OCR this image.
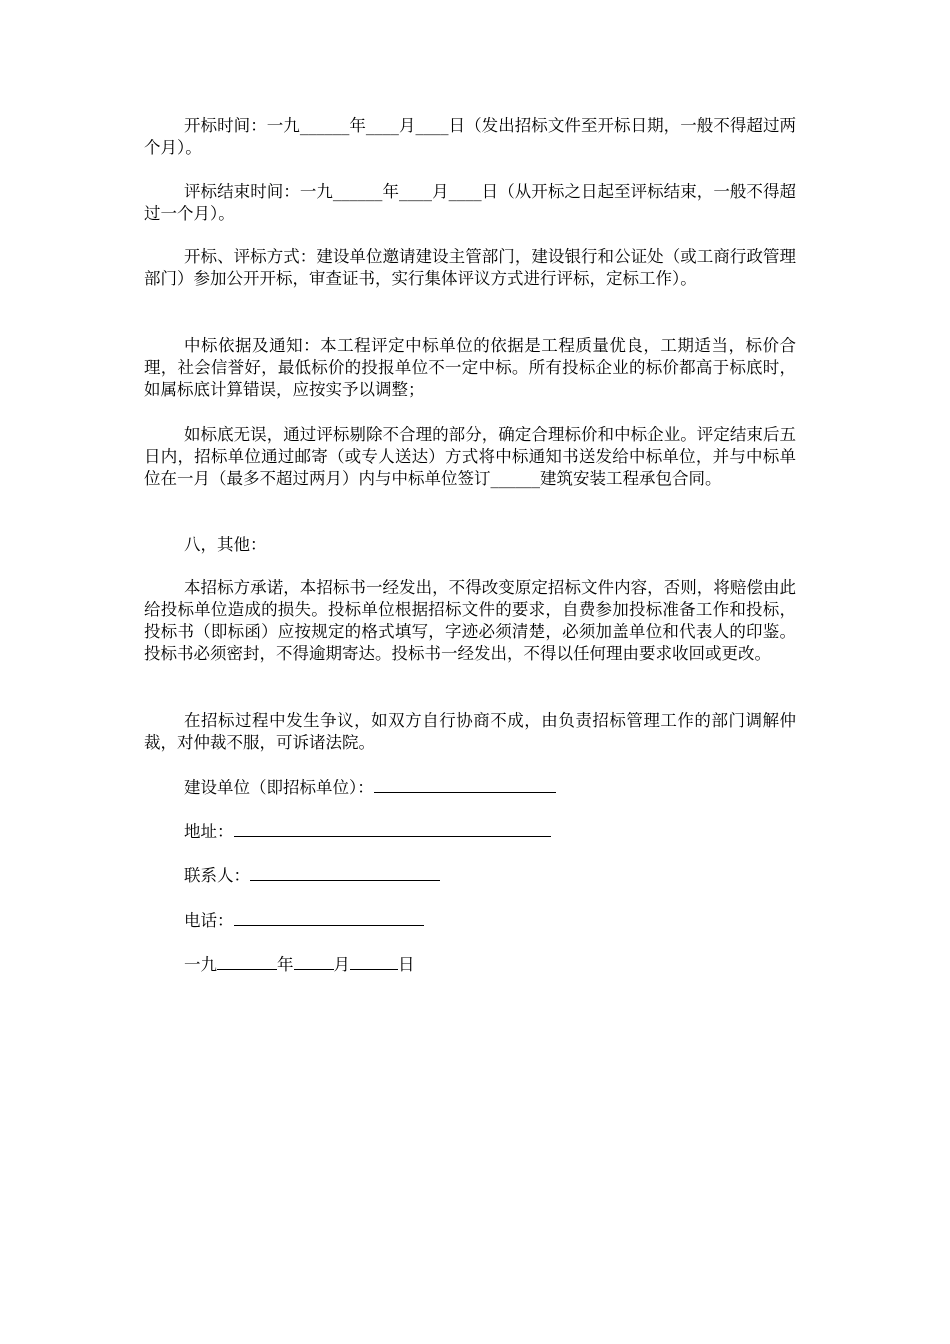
开标时间：一九______年____月____日（发出招标文件至开标日期，一般不得超过两个月）。

评标结束时间：一九______年____月____日（从开标之日起至评标结束，一般不得超过一个月）。

开标、评标方式：建设单位邀请建设主管部门，建设银行和公证处（或工商行政管理部门）参加公开开标，审查证书，实行集体评议方式进行评标，定标工作）。

中标依据及通知：本工程评定中标单位的依据是工程质量优良，工期适当，标价合理，社会信誉好，最低标价的投报单位不一定中标。所有投标企业的标价都高于标底时，如属标底计算错误，应按实予以调整；

如标底无误，通过评标剔除不合理的部分，确定合理标价和中标企业。评定结束后五日内，招标单位通过邮寄（或专人送达）方式将中标通知书送发给中标单位，并与中标单位在一月（最多不超过两月）内与中标单位签订______建筑安装工程承包合同。

八，其他：

本招标方承诺，本招标书一经发出，不得改变原定招标文件内容，否则，将赔偿由此给投标单位造成的损失。投标单位根据招标文件的要求，自费参加投标准备工作和投标，投标书（即标函）应按规定的格式填写，字迹必须清楚，必须加盖单位和代表人的印鉴。投标书必须密封，不得逾期寄达。投标书一经发出，不得以任何理由要求收回或更改。

在招标过程中发生争议，如双方自行协商不成，由负责招标管理工作的部门调解仲裁，对仲裁不服，可诉诸法院。

建设单位（即招标单位）：
地址：
联系人：
电话：
一九	年 月	日
